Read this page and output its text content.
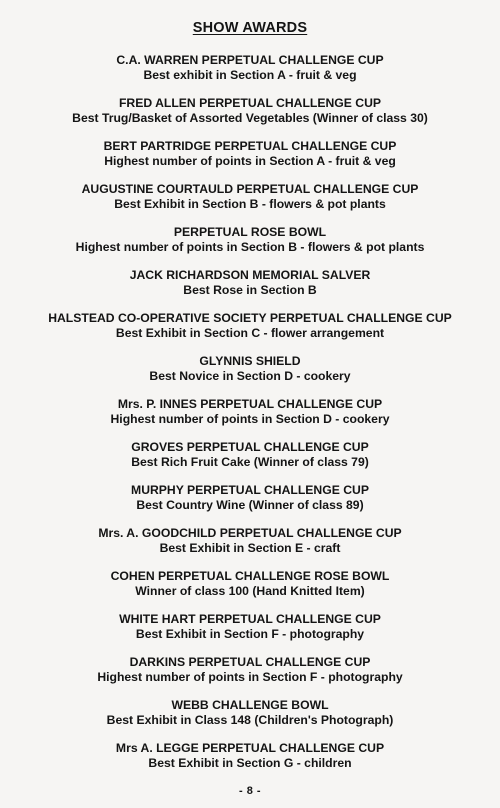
SHOW AWARDS
C.A. WARREN PERPETUAL CHALLENGE CUP
Best exhibit in Section A - fruit & veg
FRED ALLEN PERPETUAL CHALLENGE CUP
Best Trug/Basket of Assorted Vegetables (Winner of class 30)
BERT PARTRIDGE PERPETUAL CHALLENGE CUP
Highest number of points in Section A - fruit & veg
AUGUSTINE COURTAULD PERPETUAL CHALLENGE CUP
Best Exhibit in Section B - flowers & pot plants
PERPETUAL ROSE BOWL
Highest number of points in Section B - flowers & pot plants
JACK RICHARDSON MEMORIAL SALVER
Best Rose in Section B
HALSTEAD CO-OPERATIVE SOCIETY PERPETUAL CHALLENGE CUP
Best Exhibit in Section C - flower arrangement
GLYNNIS SHIELD
Best Novice in Section D - cookery
Mrs. P. INNES PERPETUAL CHALLENGE CUP
Highest number of points in Section D - cookery
GROVES PERPETUAL CHALLENGE CUP
Best Rich Fruit Cake (Winner of class 79)
MURPHY PERPETUAL CHALLENGE CUP
Best Country Wine (Winner of class 89)
Mrs. A. GOODCHILD PERPETUAL CHALLENGE CUP
Best Exhibit in Section E - craft
COHEN PERPETUAL CHALLENGE ROSE BOWL
Winner of class 100 (Hand Knitted Item)
WHITE HART PERPETUAL CHALLENGE CUP
Best Exhibit in Section F - photography
DARKINS PERPETUAL CHALLENGE CUP
Highest number of points in Section F - photography
WEBB CHALLENGE BOWL
Best Exhibit in Class 148 (Children's Photograph)
Mrs A. LEGGE PERPETUAL CHALLENGE CUP
Best Exhibit in Section G - children
- 8 -
